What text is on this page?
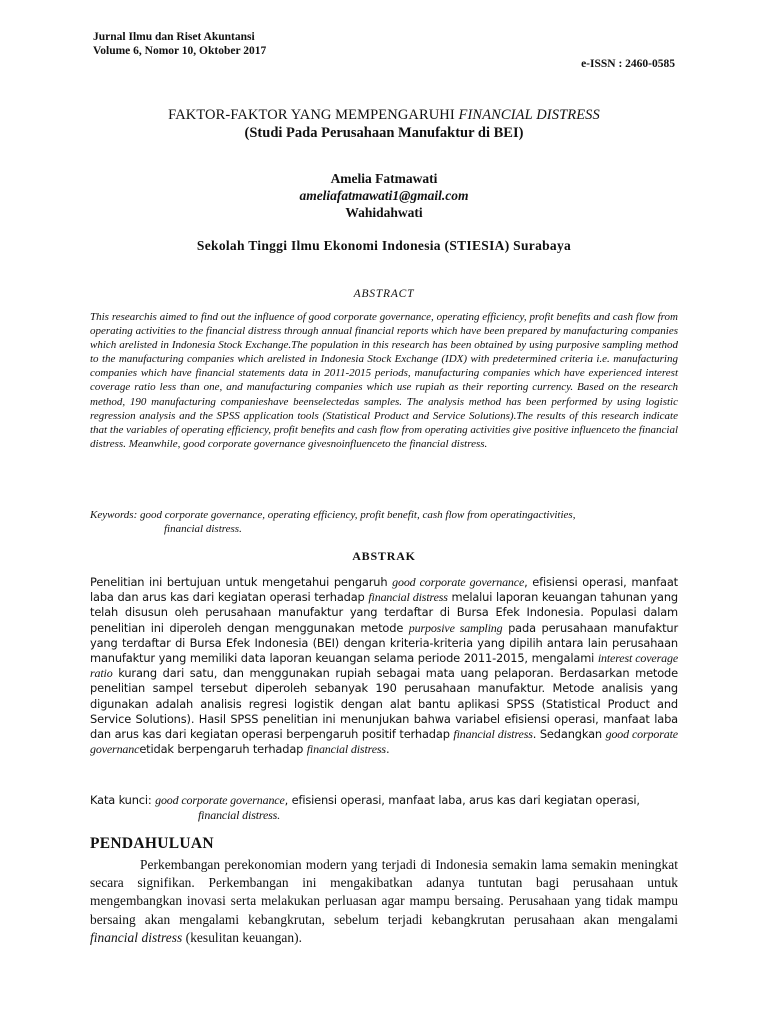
Jurnal Ilmu dan Riset Akuntansi
Volume 6, Nomor 10, Oktober 2017
e-ISSN : 2460-0585
FAKTOR-FAKTOR YANG MEMPENGARUHI FINANCIAL DISTRESS
(Studi Pada Perusahaan Manufaktur di BEI)
Amelia Fatmawati
ameliafatmawati1@gmail.com
Wahidahwati
Sekolah Tinggi Ilmu Ekonomi Indonesia (STIESIA) Surabaya
ABSTRACT
This researchis aimed to find out the influence of good corporate governance, operating efficiency, profit benefits and cash flow from operating activities to the financial distress through annual financial reports which have been prepared by manufacturing companies which arelisted in Indonesia Stock Exchange.The population in this research has been obtained by using purposive sampling method to the manufacturing companies which arelisted in Indonesia Stock Exchange (IDX) with predetermined criteria i.e. manufacturing companies which have financial statements data in 2011-2015 periods, manufacturing companies which have experienced interest coverage ratio less than one, and manufacturing companies which use rupiah as their reporting currency. Based on the research method, 190 manufacturing companieshave beenselectedas samples. The analysis method has been performed by using logistic regression analysis and the SPSS application tools (Statistical Product and Service Solutions).The results of this research indicate that the variables of operating efficiency, profit benefits and cash flow from operating activities give positive influenceto the financial distress. Meanwhile, good corporate governance givesnoinfluenceto the financial distress.
Keywords: good corporate governance, operating efficiency, profit benefit, cash flow from operatingactivities,
financial distress.
ABSTRAK
Penelitian ini bertujuan untuk mengetahui pengaruh good corporate governance, efisiensi operasi, manfaat laba dan arus kas dari kegiatan operasi terhadap financial distress melalui laporan keuangan tahunan yang telah disusun oleh perusahaan manufaktur yang terdaftar di Bursa Efek Indonesia. Populasi dalam penelitian ini diperoleh dengan menggunakan metode purposive sampling pada perusahaan manufaktur yang terdaftar di Bursa Efek Indonesia (BEI) dengan kriteria-kriteria yang dipilih antara lain perusahaan manufaktur yang memiliki data laporan keuangan selama periode 2011-2015, mengalami interest coverage ratio kurang dari satu, dan menggunakan rupiah sebagai mata uang pelaporan. Berdasarkan metode penelitian sampel tersebut diperoleh sebanyak 190 perusahaan manufaktur. Metode analisis yang digunakan adalah analisis regresi logistik dengan alat bantu aplikasi SPSS (Statistical Product and Service Solutions). Hasil SPSS penelitian ini menunjukan bahwa variabel efisiensi operasi, manfaat laba dan arus kas dari kegiatan operasi berpengaruh positif terhadap financial distress. Sedangkan good corporate governancetidak berpengaruh terhadap financial distress.
Kata kunci: good corporate governance, efisiensi operasi, manfaat laba, arus kas dari kegiatan operasi,
financial distress.
PENDAHULUAN

Perkembangan perekonomian modern yang terjadi di Indonesia semakin lama semakin meningkat secara signifikan. Perkembangan ini mengakibatkan adanya tuntutan bagi perusahaan untuk mengembangkan inovasi serta melakukan perluasan agar mampu bersaing. Perusahaan yang tidak mampu bersaing akan mengalami kebangkrutan, sebelum terjadi kebangkrutan perusahaan akan mengalami financial distress (kesulitan keuangan).
